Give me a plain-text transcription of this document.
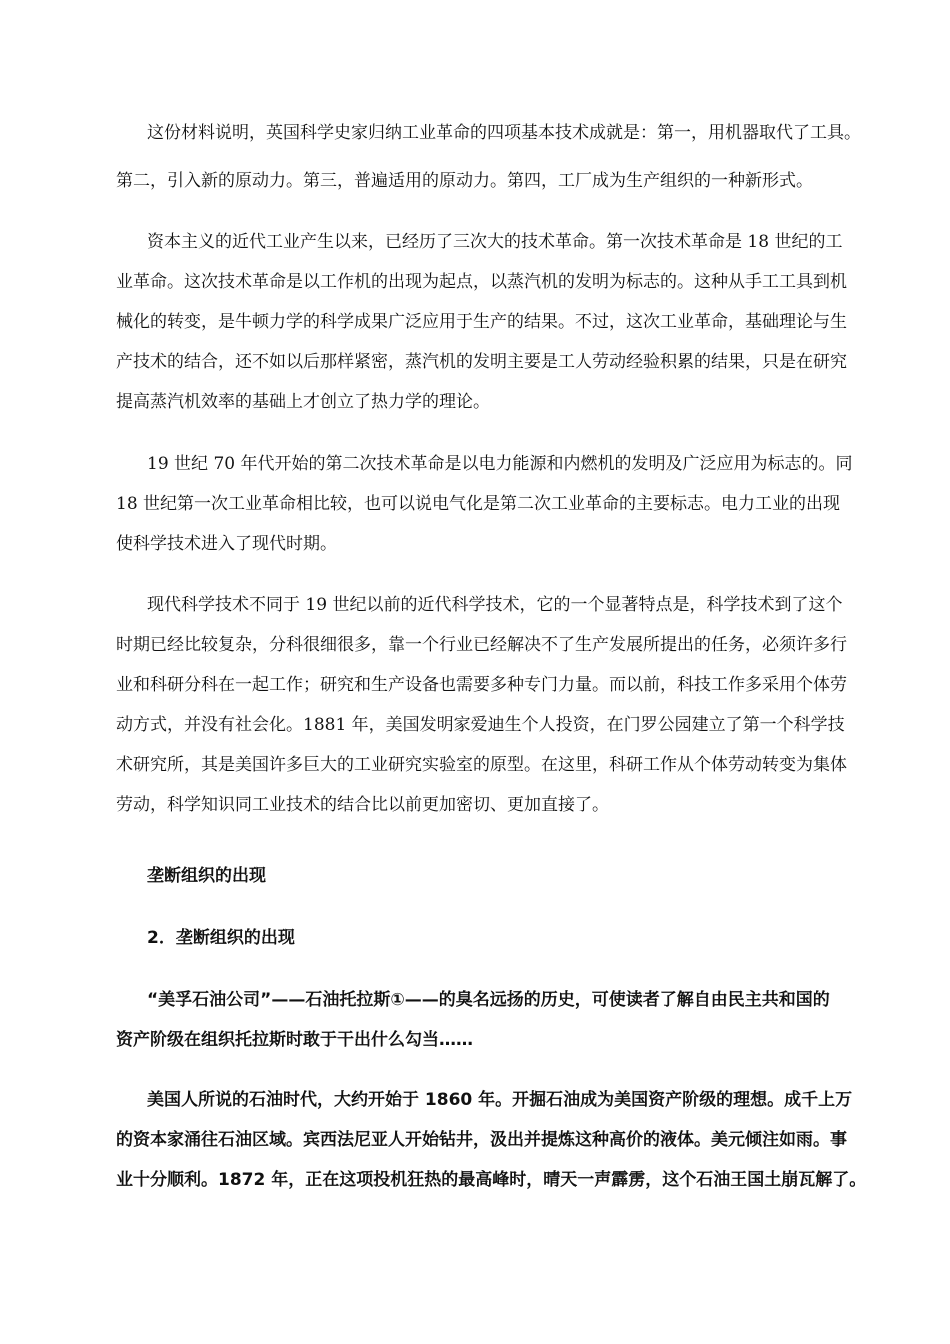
这份材料说明，英国科学史家归纳工业革命的四项基本技术成就是：第一，用机器取代了工具。
第二，引入新的原动力。第三，普遍适用的原动力。第四，工厂成为生产组织的一种新形式。
资本主义的近代工业产生以来，已经历了三次大的技术革命。第一次技术革命是 18 世纪的工
业革命。这次技术革命是以工作机的出现为起点，以蒸汽机的发明为标志的。这种从手工工具到机
械化的转变，是牛顿力学的科学成果广泛应用于生产的结果。不过，这次工业革命，基础理论与生
产技术的结合，还不如以后那样紧密，蒸汽机的发明主要是工人劳动经验积累的结果，只是在研究
提高蒸汽机效率的基础上才创立了热力学的理论。
19 世纪 70 年代开始的第二次技术革命是以电力能源和内燃机的发明及广泛应用为标志的。同
18 世纪第一次工业革命相比较，也可以说电气化是第二次工业革命的主要标志。电力工业的出现
使科学技术进入了现代时期。
现代科学技术不同于 19 世纪以前的近代科学技术，它的一个显著特点是，科学技术到了这个
时期已经比较复杂，分科很细很多，靠一个行业已经解决不了生产发展所提出的任务，必须许多行
业和科研分科在一起工作；研究和生产设备也需要多种专门力量。而以前，科技工作多采用个体劳
动方式，并没有社会化。1881 年，美国发明家爱迪生个人投资，在门罗公园建立了第一个科学技
术研究所，其是美国许多巨大的工业研究实验室的原型。在这里，科研工作从个体劳动转变为集体
劳动，科学知识同工业技术的结合比以前更加密切、更加直接了。
垄断组织的出现
2．垄断组织的出现
“美孚石油公司”——石油托拉斯①——的臭名远扬的历史，可使读者了解自由民主共和国的
资产阶级在组织托拉斯时敢于干出什么勾当……
美国人所说的石油时代，大约开始于 1860 年。开掘石油成为美国资产阶级的理想。成千上万
的资本家涌往石油区域。宾西法尼亚人开始钻井，汲出并提炼这种高价的液体。美元倾注如雨。事
业十分顺利。1872 年，正在这项投机狂热的最高峰时，晴天一声霹雳，这个石油王国土崩瓦解了。
